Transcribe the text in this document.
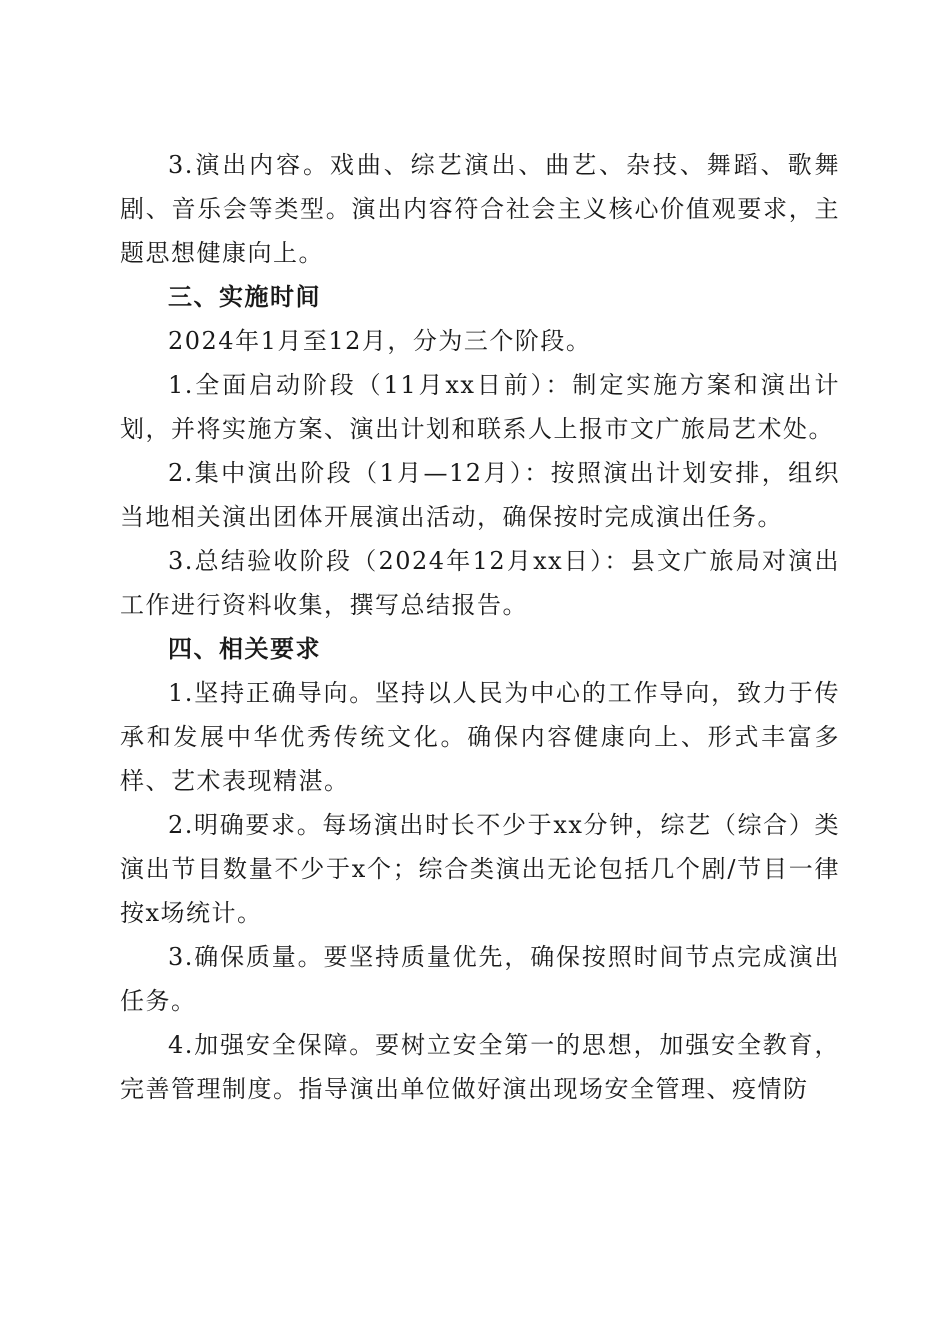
3.演出内容。戏曲、综艺演出、曲艺、杂技、舞蹈、歌舞剧、音乐会等类型。演出内容符合社会主义核心价值观要求，主题思想健康向上。

三、实施时间

2024年1月至12月，分为三个阶段。

1.全面启动阶段（11月xx日前）：制定实施方案和演出计划，并将实施方案、演出计划和联系人上报市文广旅局艺术处。

2.集中演出阶段（1月—12月）：按照演出计划安排，组织当地相关演出团体开展演出活动，确保按时完成演出任务。

3.总结验收阶段（2024年12月xx日）：县文广旅局对演出工作进行资料收集，撰写总结报告。

四、相关要求

1.坚持正确导向。坚持以人民为中心的工作导向，致力于传承和发展中华优秀传统文化。确保内容健康向上、形式丰富多样、艺术表现精湛。

2.明确要求。每场演出时长不少于xx分钟，综艺（综合）类演出节目数量不少于x个；综合类演出无论包括几个剧/节目一律按x场统计。

3.确保质量。要坚持质量优先，确保按照时间节点完成演出任务。

4.加强安全保障。要树立安全第一的思想，加强安全教育，完善管理制度。指导演出单位做好演出现场安全管理、疫情防
